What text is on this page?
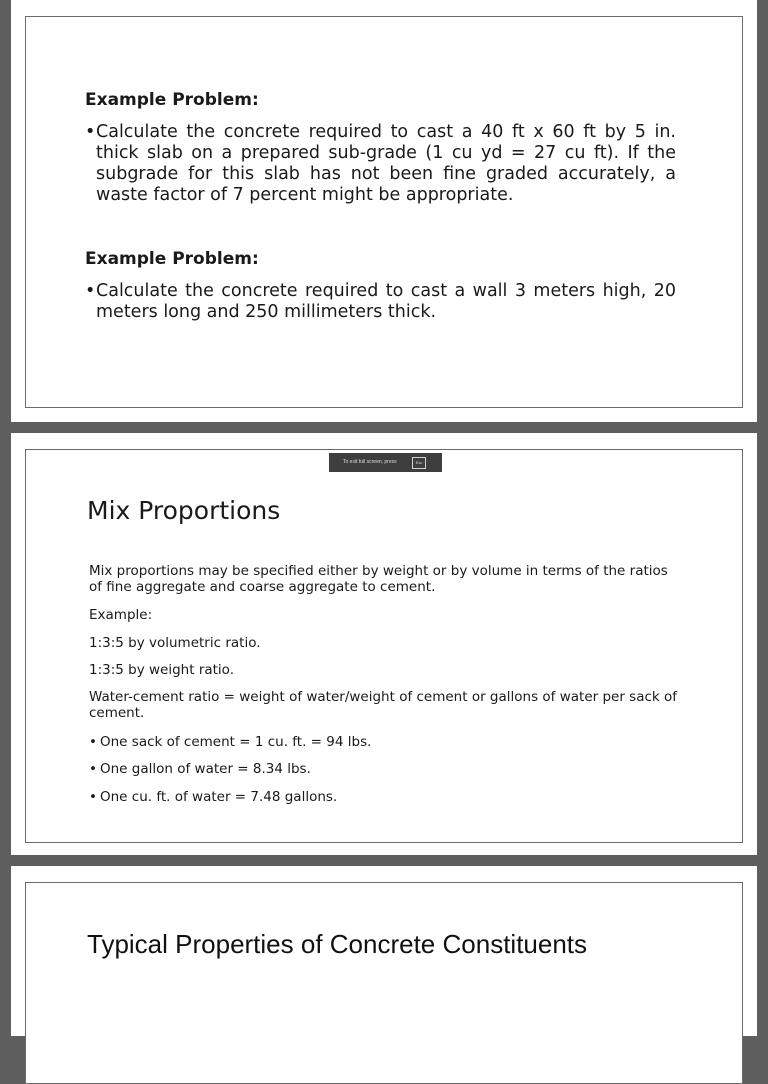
Example Problem:

•Calculate the concrete required to cast a 40 ft x 60 ft by 5 in. thick slab on a prepared sub-grade (1 cu yd = 27 cu ft). If the subgrade for this slab has not been fine graded accurately, a waste factor of 7 percent might be appropriate.

Example Problem:

•Calculate the concrete required to cast a wall 3 meters high, 20 meters long and 250 millimeters thick.

To exit full screen, press	Esc

Mix Proportions

Mix proportions may be specified either by weight or by volume in terms of the ratios of fine aggregate and coarse aggregate to cement.

Example:

1:3:5 by volumetric ratio.

1:3:5 by weight ratio.

Water-cement ratio = weight of water/weight of cement or gallons of water per sack of cement.

• One sack of cement = 1 cu. ft. = 94 lbs.

• One gallon of water = 8.34 lbs.

• One cu. ft. of water = 7.48 gallons.

Typical Properties of Concrete Constituents
